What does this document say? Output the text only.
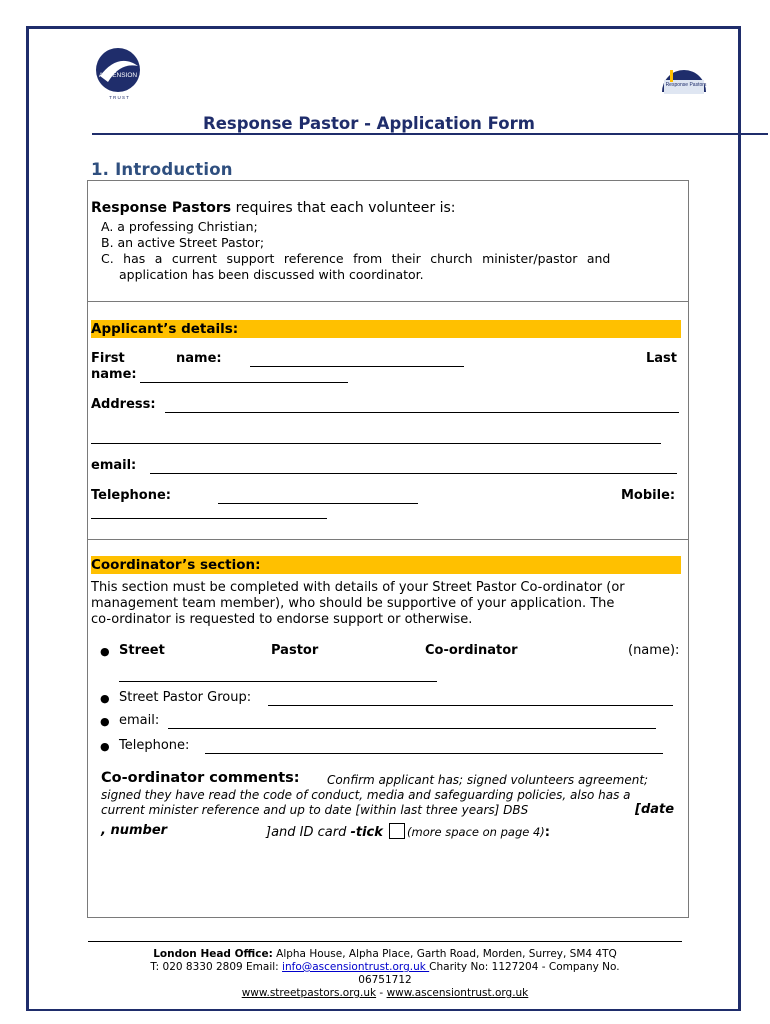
ASCENSION
T R U S T
Response Pastors
Response Pastor - Application Form
1. Introduction
Response Pastors requires that each volunteer is:
A. a professing Christian;
B. an active Street Pastor;
C. has a current support reference from their church minister/pastor and
application has been discussed with coordinator.
Applicant’s details:
First	name:	Last
name:
Address:
email:
Telephone:	Mobile:
Coordinator’s section:
This section must be completed with details of your Street Pastor Co-ordinator (or
management team member), who should be supportive of your application. The
co-ordinator is requested to endorse support or otherwise.
● Street	Pastor	Co-ordinator	(name):
● Street Pastor Group:
● email:
● Telephone:
Co-ordinator comments: Confirm applicant has; signed volunteers agreement;
signed they have read the code of conduct, media and safeguarding policies, also has a
current minister reference and up to date [within last three years] DBS	[date
, number	]and ID card -tick (more space on page 4):
London Head Office: Alpha House, Alpha Place, Garth Road, Morden, Surrey, SM4 4TQ
T: 020 8330 2809 Email: info@ascensiontrust.org.uk Charity No: 1127204 - Company No.
06751712
www.streetpastors.org.uk - www.ascensiontrust.org.uk
